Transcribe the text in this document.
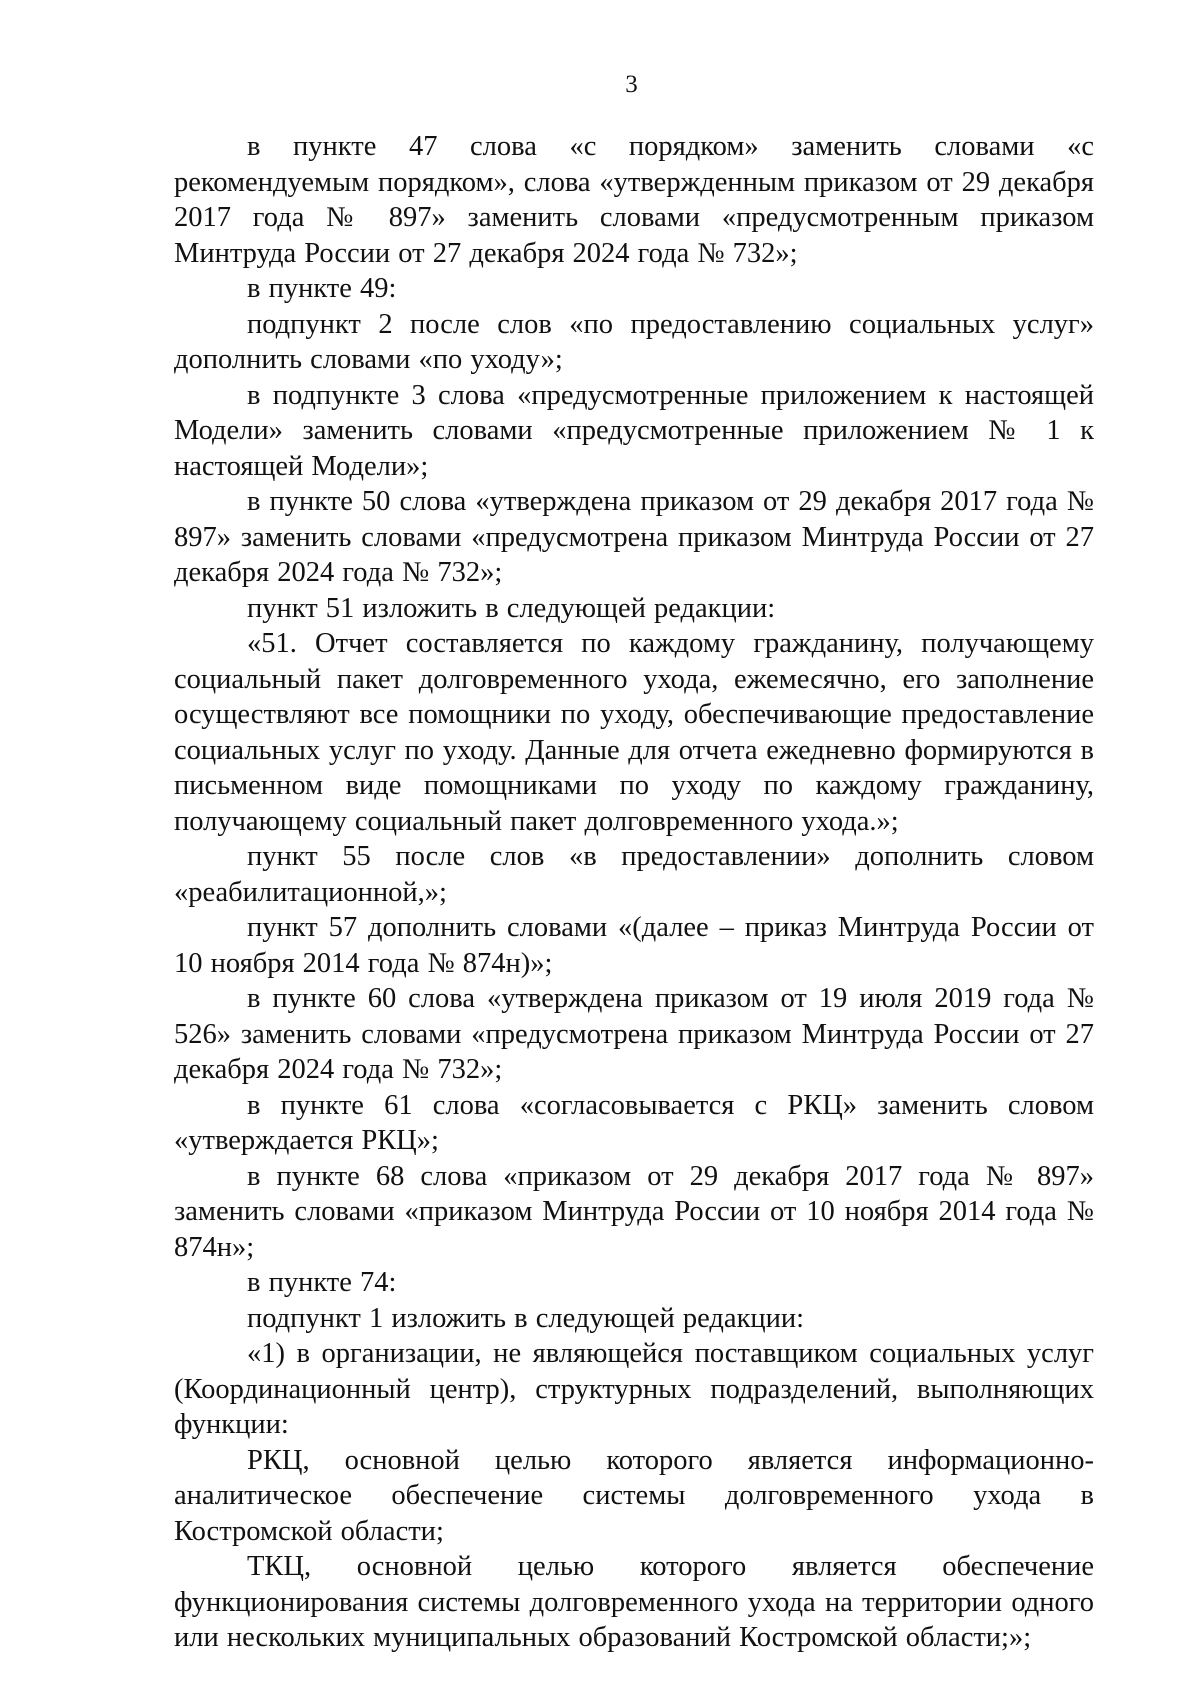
3

в пункте 47 слова «с порядком» заменить словами «с рекомендуемым порядком», слова «утвержденным приказом от 29 декабря 2017 года № 897» заменить словами «предусмотренным приказом Минтруда России от 27 декабря 2024 года № 732»;

в пункте 49:

подпункт 2 после слов «по предоставлению социальных услуг» дополнить словами «по уходу»;

в подпункте 3 слова «предусмотренные приложением к настоящей Модели» заменить словами «предусмотренные приложением № 1 к настоящей Модели»;

в пункте 50 слова «утверждена приказом от 29 декабря 2017 года № 897» заменить словами «предусмотрена приказом Минтруда России от 27 декабря 2024 года № 732»;

пункт 51 изложить в следующей редакции:

«51. Отчет составляется по каждому гражданину, получающему социальный пакет долговременного ухода, ежемесячно, его заполнение осуществляют все помощники по уходу, обеспечивающие предоставление социальных услуг по уходу. Данные для отчета ежедневно формируются в письменном виде помощниками по уходу по каждому гражданину, получающему социальный пакет долговременного ухода.»;

пункт 55 после слов «в предоставлении» дополнить словом «реабилитационной,»;

пункт 57 дополнить словами «(далее – приказ Минтруда России от 10 ноября 2014 года № 874н)»;

в пункте 60 слова «утверждена приказом от 19 июля 2019 года № 526» заменить словами «предусмотрена приказом Минтруда России от 27 декабря 2024 года № 732»;

в пункте 61 слова «согласовывается с РКЦ» заменить словом «утверждается РКЦ»;

в пункте 68 слова «приказом от 29 декабря 2017 года № 897» заменить словами «приказом Минтруда России от 10 ноября 2014 года № 874н»;

в пункте 74:

подпункт 1 изложить в следующей редакции:

«1) в организации, не являющейся поставщиком социальных услуг (Координационный центр), структурных подразделений, выполняющих функции:

РКЦ, основной целью которого является информационно-аналитическое обеспечение системы долговременного ухода в Костромской области;

ТКЦ, основной целью которого является обеспечение функционирования системы долговременного ухода на территории одного или нескольких муниципальных образований Костромской области;»;
